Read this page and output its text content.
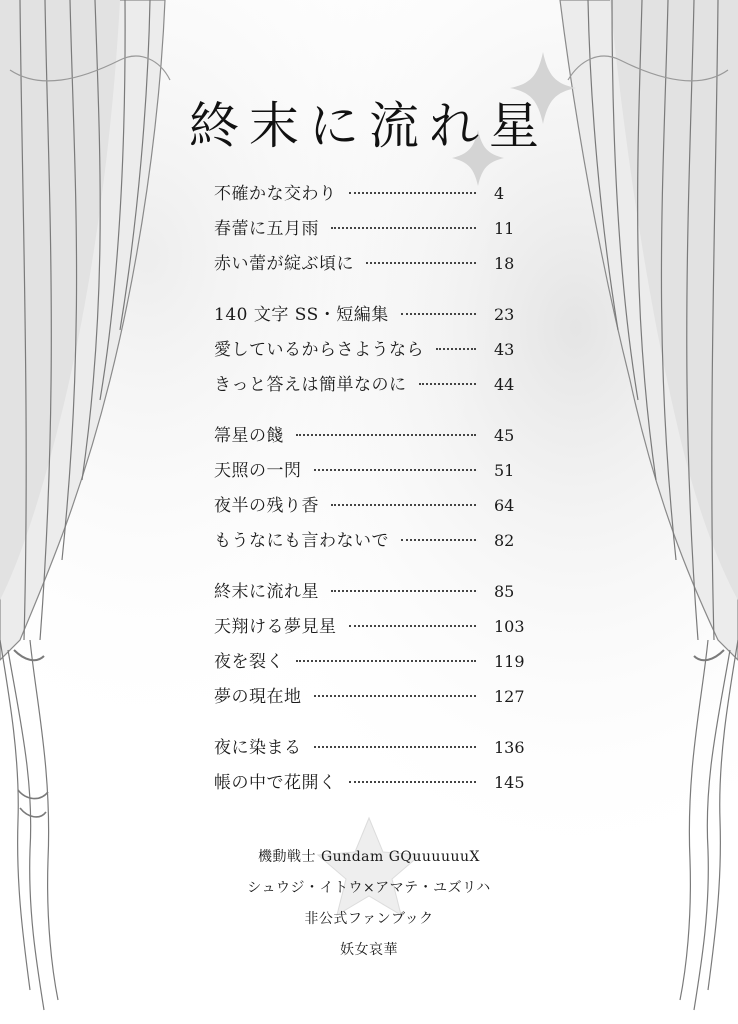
終末に流れ星
不確かな交わり	4
春蕾に五月雨	11
赤い蕾が綻ぶ頃に	18
140 文字 SS・短編集	23
愛しているからさようなら	43
きっと答えは簡単なのに	44
箒星の餞	45
天照の一閃	51
夜半の残り香	64
もうなにも言わないで	82
終末に流れ星	85
天翔ける夢見星	103
夜を裂く	119
夢の現在地	127
夜に染まる	136
帳の中で花開く	145
機動戦士 Gundam GQuuuuuuX
シュウジ・イトウ×アマテ・ユズリハ
非公式ファンブック
妖女哀華
